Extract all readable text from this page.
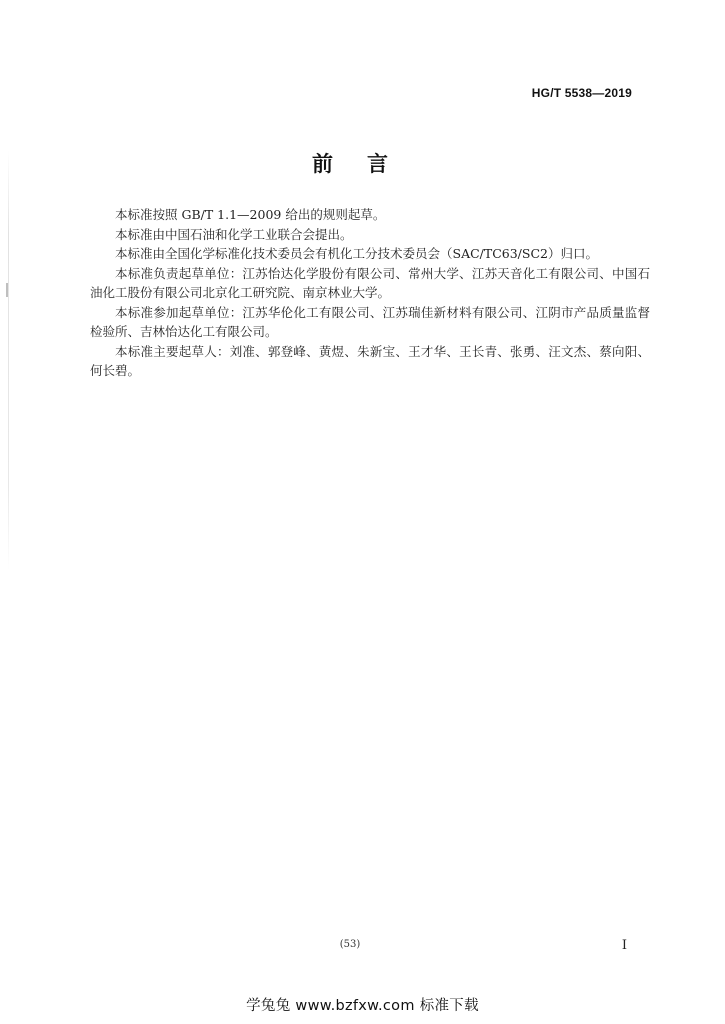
HG/T 5538—2019
前言

本标准按照 GB/T 1.1—2009 给出的规则起草。

本标准由中国石油和化学工业联合会提出。

本标准由全国化学标准化技术委员会有机化工分技术委员会（SAC/TC63/SC2）归口。

本标准负责起草单位：江苏怡达化学股份有限公司、常州大学、江苏天音化工有限公司、中国石油化工股份有限公司北京化工研究院、南京林业大学。

本标准参加起草单位：江苏华伦化工有限公司、江苏瑞佳新材料有限公司、江阴市产品质量监督检验所、吉林怡达化工有限公司。

本标准主要起草人：刘准、郭登峰、黄煜、朱新宝、王才华、王长青、张勇、汪文杰、蔡向阳、何长碧。

(53)	I
学兔兔 www.bzfxw.com 标准下载
